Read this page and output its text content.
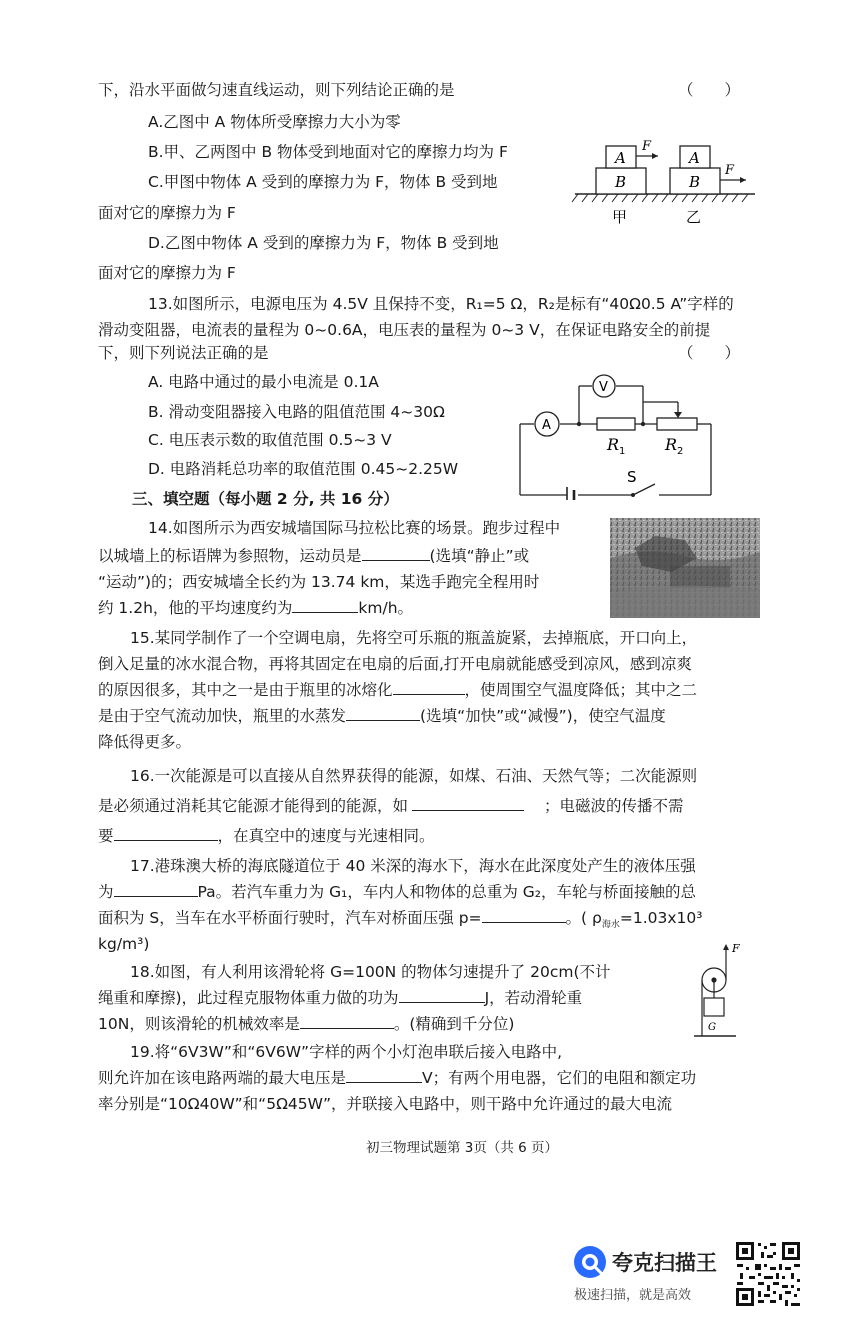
下，沿水平面做匀速直线运动，则下列结论正确的是	（　　）
A.乙图中 A 物体所受摩擦力大小为零
B.甲、乙两图中 B 物体受到地面对它的摩擦力均为 F
C.甲图中物体 A 受到的摩擦力为 F，物体 B 受到地
面对它的摩擦力为 F
D.乙图中物体 A 受到的摩擦力为 F，物体 B 受到地
面对它的摩擦力为 F
A
B
F
A
B
F
甲	乙
13.如图所示，电源电压为 4.5V 且保持不变，R₁=5 Ω，R₂是标有“40Ω0.5 A”字样的
滑动变阻器，电流表的量程为 0~0.6A，电压表的量程为 0~3 V，在保证电路安全的前提
下，则下列说法正确的是	（　　）
A. 电路中通过的最小电流是 0.1A
B. 滑动变阻器接入电路的阻值范围 4~30Ω
C. 电压表示数的取值范围 0.5~3 V
D. 电路消耗总功率的取值范围 0.45~2.25W
V
A
R 1 R 2
S
三、填空题（每小题 2 分, 共 16 分）
14.如图所示为西安城墙国际马拉松比赛的场景。跑步过程中
以城墙上的标语牌为参照物，运动员是	(选填“静止”或
“运动”)的；西安城墙全长约为 13.74 km，某选手跑完全程用时
约 1.2h，他的平均速度约为	km/h。
15.某同学制作了一个空调电扇，先将空可乐瓶的瓶盖旋紧，去掉瓶底，开口向上，
倒入足量的冰水混合物，再将其固定在电扇的后面,打开电扇就能感受到凉风，感到凉爽
的原因很多，其中之一是由于瓶里的冰熔化	，使周围空气温度降低；其中之二
是由于空气流动加快，瓶里的水蒸发	(选填“加快”或“减慢”)，使空气温度
降低得更多。
16.一次能源是可以直接从自然界获得的能源，如煤、石油、天然气等；二次能源则
是必须通过消耗其它能源才能得到的能源，如	；电磁波的传播不需
要	，在真空中的速度与光速相同。
17.港珠澳大桥的海底隧道位于 40 米深的海水下，海水在此深度处产生的液体压强
为	Pa。若汽车重力为 G₁，车内人和物体的总重为 G₂，车轮与桥面接触的总
面积为 S，当车在水平桥面行驶时，汽车对桥面压强 p=	。( $\rho_{海水}=1.03x10^3$
kg/m³)
18.如图，有人利用该滑轮将 G=100N 的物体匀速提升了 20cm(不计
绳重和摩擦)，此过程克服物体重力做的功为	J，若动滑轮重
10N，则该滑轮的机械效率是	。(精确到千分位)
F
G
19.将“6V3W”和“6V6W”字样的两个小灯泡串联后接入电路中,
则允许加在该电路两端的最大电压是	V；有两个用电器，它们的电阻和额定功
率分别是“10Ω40W”和“5Ω45W”，并联接入电路中，则干路中允许通过的最大电流
初三物理试题第 3页（共 6 页）
夸克扫描王
极速扫描，就是高效
